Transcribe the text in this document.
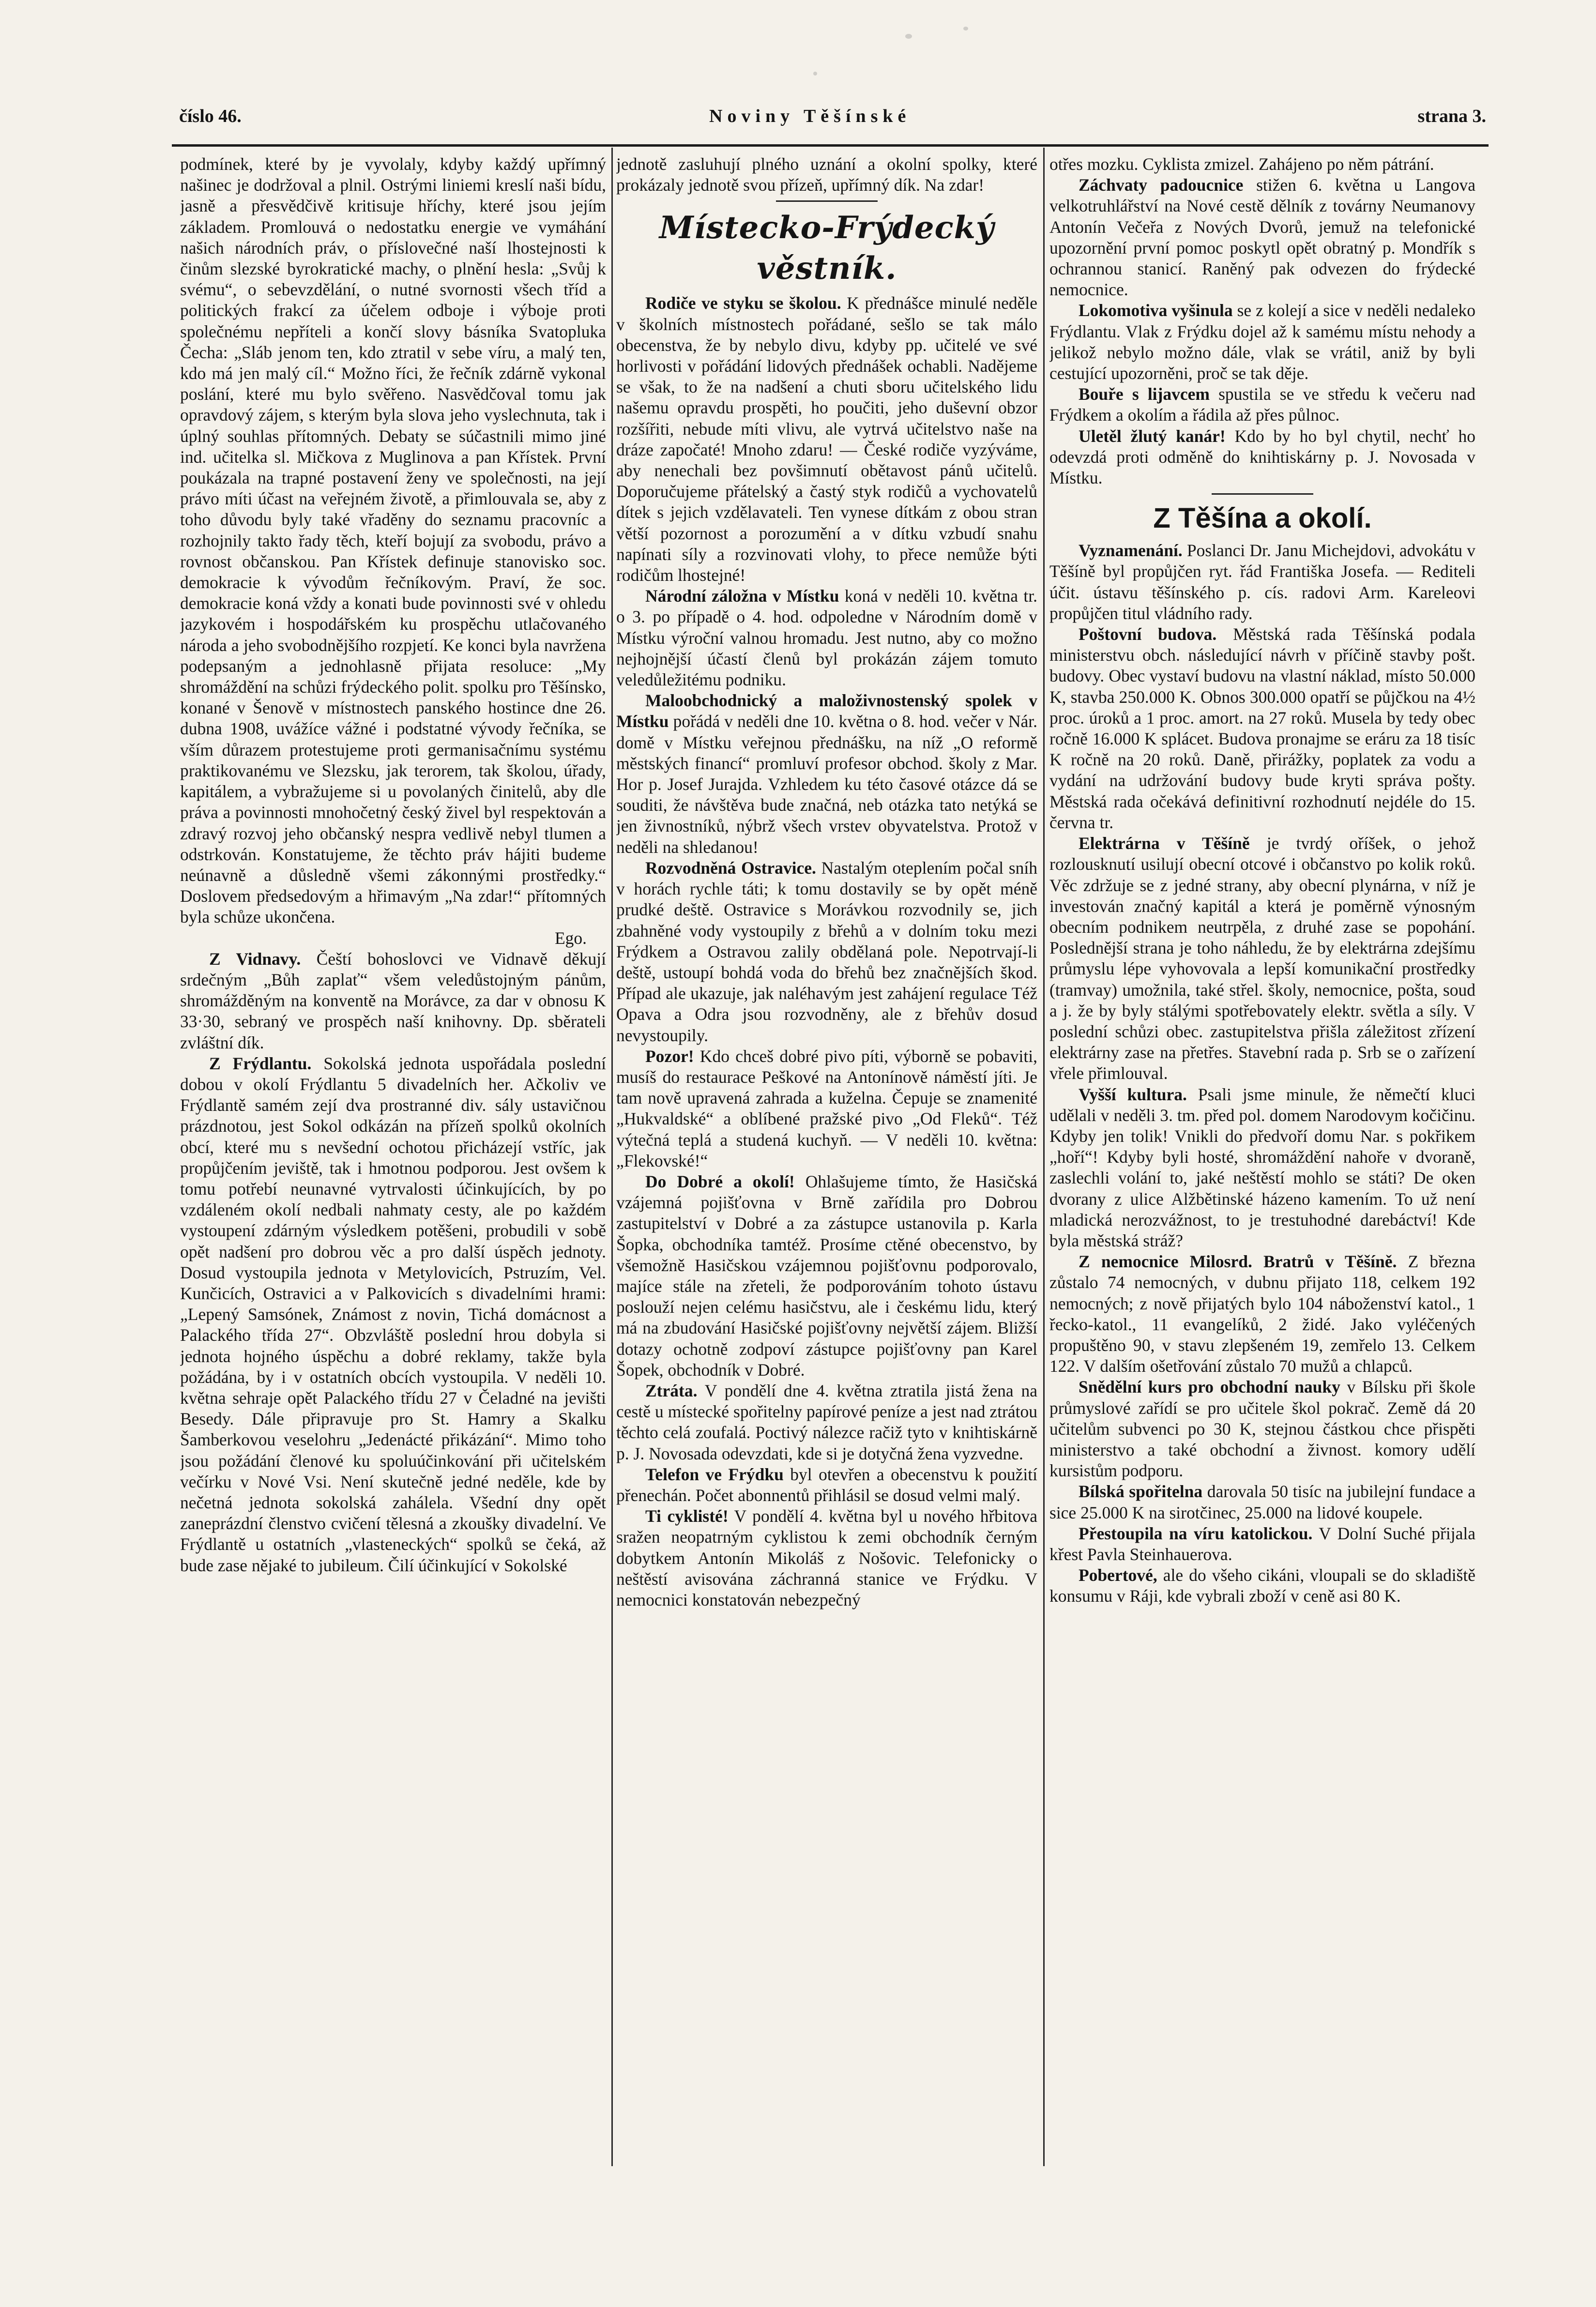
číslo 46.	Noviny Těšínské	strana 3.

podmínek, které by je vyvolaly, kdyby každý upřímný našinec je dodržoval a plnil. Ostrými liniemi kreslí naši bídu, jasně a přesvědčivě kritisuje hříchy, které jsou jejím základem. Promlouvá o nedostatku energie ve vymáhání našich národních práv, o příslovečné naší lhostejnosti k činům slezské byrokratické machy, o plnění hesla: „Svůj k svému“, o sebevzdělání, o nutné svornosti všech tříd a politických frakcí za účelem odboje i výboje proti společnému nepříteli a končí slovy básníka Svatopluka Čecha: „Sláb jenom ten, kdo ztratil v sebe víru, a malý ten, kdo má jen malý cíl.“ Možno říci, že řečník zdárně vykonal poslání, které mu bylo svěřeno. Nasvědčoval tomu jak opravdový zájem, s kterým byla slova jeho vyslechnuta, tak i úplný souhlas přítomných. Debaty se súčastnili mimo jiné ind. učitelka sl. Mičkova z Muglinova a pan Křístek. První poukázala na trapné postavení ženy ve společnosti, na její právo míti účast na veřejném životě, a přimlouvala se, aby z toho důvodu byly také vřaděny do seznamu pracovníc a rozhojnily takto řady těch, kteří bojují za svobodu, právo a rovnost občanskou. Pan Křístek definuje stanovisko soc. demokracie k vývodům řečníkovým. Praví, že soc. demokracie koná vždy a konati bude povinnosti své v ohledu jazykovém i hospodářském ku prospěchu utlačovaného národa a jeho svobodnějšího rozpjetí. Ke konci byla navržena podepsaným a jednohlasně přijata resoluce: „My shromáždění na schůzi frýdeckého polit. spolku pro Těšínsko, konané v Šenově v místnostech panského hostince dne 26. dubna 1908, uvážíce vážné i podstatné vývody řečníka, se vším důrazem protestujeme proti germanisačnímu systému praktikovanému ve Slezsku, jak terorem, tak školou, úřady, kapitálem, a vybražujeme si u povolaných činitelů, aby dle práva a povinnosti mnohočetný český živel byl respektován a zdravý rozvoj jeho občanský nespra vedlivě nebyl tlumen a odstrkován. Konstatujeme, že těchto práv hájiti budeme neúnavně a důsledně všemi zákonnými prostředky.“ Doslovem předsedovým a hřimavým „Na zdar!“ přítomných byla schůze ukončena.

Ego.

Z Vidnavy. Čeští bohoslovci ve Vidnavě děkují srdečným „Bůh zaplať“ všem veledůstojným pánům, shromážděným na konventě na Morávce, za dar v obnosu K 33·30, sebraný ve prospěch naší knihovny. Dp. sběrateli zvláštní dík.

Z Frýdlantu. Sokolská jednota uspořádala poslední dobou v okolí Frýdlantu 5 divadelních her. Ačkoliv ve Frýdlantě samém zejí dva prostranné div. sály ustavičnou prázdnotou, jest Sokol odkázán na přízeň spolků okolních obcí, které mu s nevšední ochotou přicházejí vstříc, jak propůjčením jeviště, tak i hmotnou podporou. Jest ovšem k tomu potřebí neunavné vytrvalosti účinkujících, by po vzdáleném okolí nedbali nahmaty cesty, ale po každém vystoupení zdárným výsledkem potěšeni, probudili v sobě opět nadšení pro dobrou věc a pro další úspěch jednoty. Dosud vystoupila jednota v Metylovicích, Pstruzím, Vel. Kunčicích, Ostravici a v Palkovicích s divadelními hrami: „Lepený Samsónek, Známost z novin, Tichá domácnost a Palackého třída 27“. Obzvláště poslední hrou dobyla si jednota hojného úspěchu a dobré reklamy, takže byla požádána, by i v ostatních obcích vystoupila. V neděli 10. května sehraje opět Palackého třídu 27 v Čeladné na jevišti Besedy. Dále připravuje pro St. Hamry a Skalku Šamberkovou veselohru „Jedenácté přikázání“. Mimo toho jsou požádání členové ku spoluúčinkování při učitelském večírku v Nové Vsi. Není skutečně jedné neděle, kde by nečetná jednota sokolská zahálela. Všední dny opět zaneprázdní členstvo cvičení tělesná a zkoušky divadelní. Ve Frýdlantě u ostatních „vlasteneckých“ spolků se čeká, až bude zase nějaké to jubileum. Čilí účinkující v Sokolské

jednotě zasluhují plného uznání a okolní spolky, které prokázaly jednotě svou přízeň, upřímný dík. Na zdar!

Místecko-Frýdecký věstník.

Rodiče ve styku se školou. K přednášce minulé neděle v školních místnostech pořádané, sešlo se tak málo obecenstva, že by nebylo divu, kdyby pp. učitelé ve své horlivosti v pořádání lidových přednášek ochabli. Nadějeme se však, to že na nadšení a chuti sboru učitelského lidu našemu opravdu prospěti, ho poučiti, jeho duševní obzor rozšířiti, nebude míti vlivu, ale vytrvá učitelstvo naše na dráze započaté! Mnoho zdaru! — České rodiče vyzýváme, aby nenechali bez povšimnutí obětavost pánů učitelů. Doporučujeme přátelský a častý styk rodičů a vychovatelů dítek s jejich vzdělavateli. Ten vynese dítkám z obou stran větší pozornost a porozumění a v dítku vzbudí snahu napínati síly a rozvinovati vlohy, to přece nemůže býti rodičům lhostejné!

Národní záložna v Místku koná v neděli 10. května tr. o 3. po případě o 4. hod. odpoledne v Národním domě v Místku výroční valnou hromadu. Jest nutno, aby co možno nejhojnější účastí členů byl prokázán zájem tomuto veledůležitému podniku.

Maloobchodnický a maloživnostenský spolek v Místku pořádá v neděli dne 10. května o 8. hod. večer v Nár. domě v Místku veřejnou přednášku, na níž „O reformě městských financí“ promluví profesor obchod. školy z Mar. Hor p. Josef Jurajda. Vzhledem ku této časové otázce dá se souditi, že návštěva bude značná, neb otázka tato netýká se jen živnostníků, nýbrž všech vrstev obyvatelstva. Protož v neděli na shledanou!

Rozvodněná Ostravice. Nastalým oteplením počal sníh v horách rychle táti; k tomu dostavily se by opět méně prudké deště. Ostravice s Morávkou rozvodnily se, jich zbahněné vody vystoupily z břehů a v dolním toku mezi Frýdkem a Ostravou zalily obdělaná pole. Nepotrvají-li deště, ustoupí bohdá voda do břehů bez značnějších škod. Případ ale ukazuje, jak naléhavým jest zahájení regulace Též Opava a Odra jsou rozvodněny, ale z břehův dosud nevystoupily.

Pozor! Kdo chceš dobré pivo píti, výborně se pobaviti, musíš do restaurace Peškové na Antonínově náměstí jíti. Je tam nově upravená zahrada a kuželna. Čepuje se znamenité „Hukvaldské“ a oblíbené pražské pivo „Od Fleků“. Též výtečná teplá a studená kuchyň. — V neděli 10. května: „Flekovské!“

Do Dobré a okolí! Ohlašujeme tímto, že Hasičská vzájemná pojišťovna v Brně zařídila pro Dobrou zastupitelství v Dobré a za zástupce ustanovila p. Karla Šopka, obchodníka tamtéž. Prosíme ctěné obecenstvo, by všemožně Hasičskou vzájemnou pojišťovnu podporovalo, majíce stále na zřeteli, že podporováním tohoto ústavu poslouží nejen celému hasičstvu, ale i českému lidu, který má na zbudování Hasičské pojišťovny největší zájem. Bližší dotazy ochotně zodpoví zástupce pojišťovny pan Karel Šopek, obchodník v Dobré.

Ztráta. V pondělí dne 4. května ztratila jistá žena na cestě u místecké spořitelny papírové peníze a jest nad ztrátou těchto celá zoufalá. Poctivý nálezce račiž tyto v knihtiskárně p. J. Novosada odevzdati, kde si je dotyčná žena vyzvedne.

Telefon ve Frýdku byl otevřen a obecenstvu k použití přenechán. Počet abonnentů přihlásil se dosud velmi malý.

Ti cyklisté! V pondělí 4. května byl u nového hřbitova sražen neopatrným cyklistou k zemi obchodník černým dobytkem Antonín Mikoláš z Nošovic. Telefonicky o neštěstí avisována záchranná stanice ve Frýdku. V nemocnici konstatován nebezpečný

otřes mozku. Cyklista zmizel. Zahájeno po něm pátrání.

Záchvaty padoucnice stižen 6. května u Langova velkotruhlářství na Nové cestě dělník z továrny Neumanovy Antonín Večeřa z Nových Dvorů, jemuž na telefonické upozornění první pomoc poskytl opět obratný p. Mondřík s ochrannou stanicí. Raněný pak odvezen do frýdecké nemocnice.

Lokomotiva vyšinula se z kolejí a sice v neděli nedaleko Frýdlantu. Vlak z Frýdku dojel až k samému místu nehody a jelikož nebylo možno dále, vlak se vrátil, aniž by byli cestující upozorněni, proč se tak děje.

Bouře s lijavcem spustila se ve středu k večeru nad Frýdkem a okolím a řádila až přes půlnoc.

Uletěl žlutý kanár! Kdo by ho byl chytil, nechť ho odevzdá proti odměně do knihtiskárny p. J. Novosada v Místku.

Z Těšína a okolí.

Vyznamenání. Poslanci Dr. Janu Michejdovi, advokátu v Těšíně byl propůjčen ryt. řád Františka Josefa. — Rediteli účit. ústavu těšínského p. cís. radovi Arm. Kareleovi propůjčen titul vládního rady.

Poštovní budova. Městská rada Těšínská podala ministerstvu obch. následující návrh v příčině stavby pošt. budovy. Obec vystaví budovu na vlastní náklad, místo 50.000 K, stavba 250.000 K. Obnos 300.000 opatří se půjčkou na 4½ proc. úroků a 1 proc. amort. na 27 roků. Musela by tedy obec ročně 16.000 K splácet. Budova pronajme se eráru za 18 tisíc K ročně na 20 roků. Daně, přirážky, poplatek za vodu a vydání na udržování budovy bude kryti správa pošty. Městská rada očekává definitivní rozhodnutí nejdéle do 15. června tr.

Elektrárna v Těšíně je tvrdý oříšek, o jehož rozlousknutí usilují obecní otcové i občanstvo po kolik roků. Věc zdržuje se z jedné strany, aby obecní plynárna, v níž je investován značný kapitál a která je poměrně výnosným obecním podnikem neutrpěla, z druhé zase se popohání. Poslednější strana je toho náhledu, že by elektrárna zdejšímu průmyslu lépe vyhovovala a lepší komunikační prostředky (tramvay) umožnila, také střel. školy, nemocnice, pošta, soud a j. že by byly stálými spotřebovately elektr. světla a síly. V poslední schůzi obec. zastupitelstva přišla záležitost zřízení elektrárny zase na přetřes. Stavební rada p. Srb se o zařízení vřele přimlouval.

Vyšší kultura. Psali jsme minule, že němečtí kluci udělali v neděli 3. tm. před pol. domem Narodovym kočičinu. Kdyby jen tolik! Vnikli do předvoří domu Nar. s pokřikem „hoří“! Kdyby byli hosté, shromáždění nahoře v dvoraně, zaslechli volání to, jaké neštěstí mohlo se státi? De oken dvorany z ulice Alžbětinské házeno kamením. To už není mladická nerozvážnost, to je trestuhodné darebáctví! Kde byla městská stráž?

Z nemocnice Milosrd. Bratrů v Těšíně. Z března zůstalo 74 nemocných, v dubnu přijato 118, celkem 192 nemocných; z nově přijatých bylo 104 náboženství katol., 1 řecko-katol., 11 evangelíků, 2 židé. Jako vyléčených propuštěno 90, v stavu zlepšeném 19, zemřelo 13. Celkem 122. V dalším ošetřování zůstalo 70 mužů a chlapců.

Snědělní kurs pro obchodní nauky v Bílsku při škole průmyslové zařídí se pro učitele škol pokrač. Země dá 20 učitelům subvenci po 30 K, stejnou částkou chce přispěti ministerstvo a také obchodní a živnost. komory udělí kursistům podporu.

Bílská spořitelna darovala 50 tisíc na jubilejní fundace a sice 25.000 K na sirotčinec, 25.000 na lidové koupele.

Přestoupila na víru katolickou. V Dolní Suché přijala křest Pavla Steinhauerova.

Pobertové, ale do všeho cikáni, vloupali se do skladiště konsumu v Ráji, kde vybrali zboží v ceně asi 80 K.
